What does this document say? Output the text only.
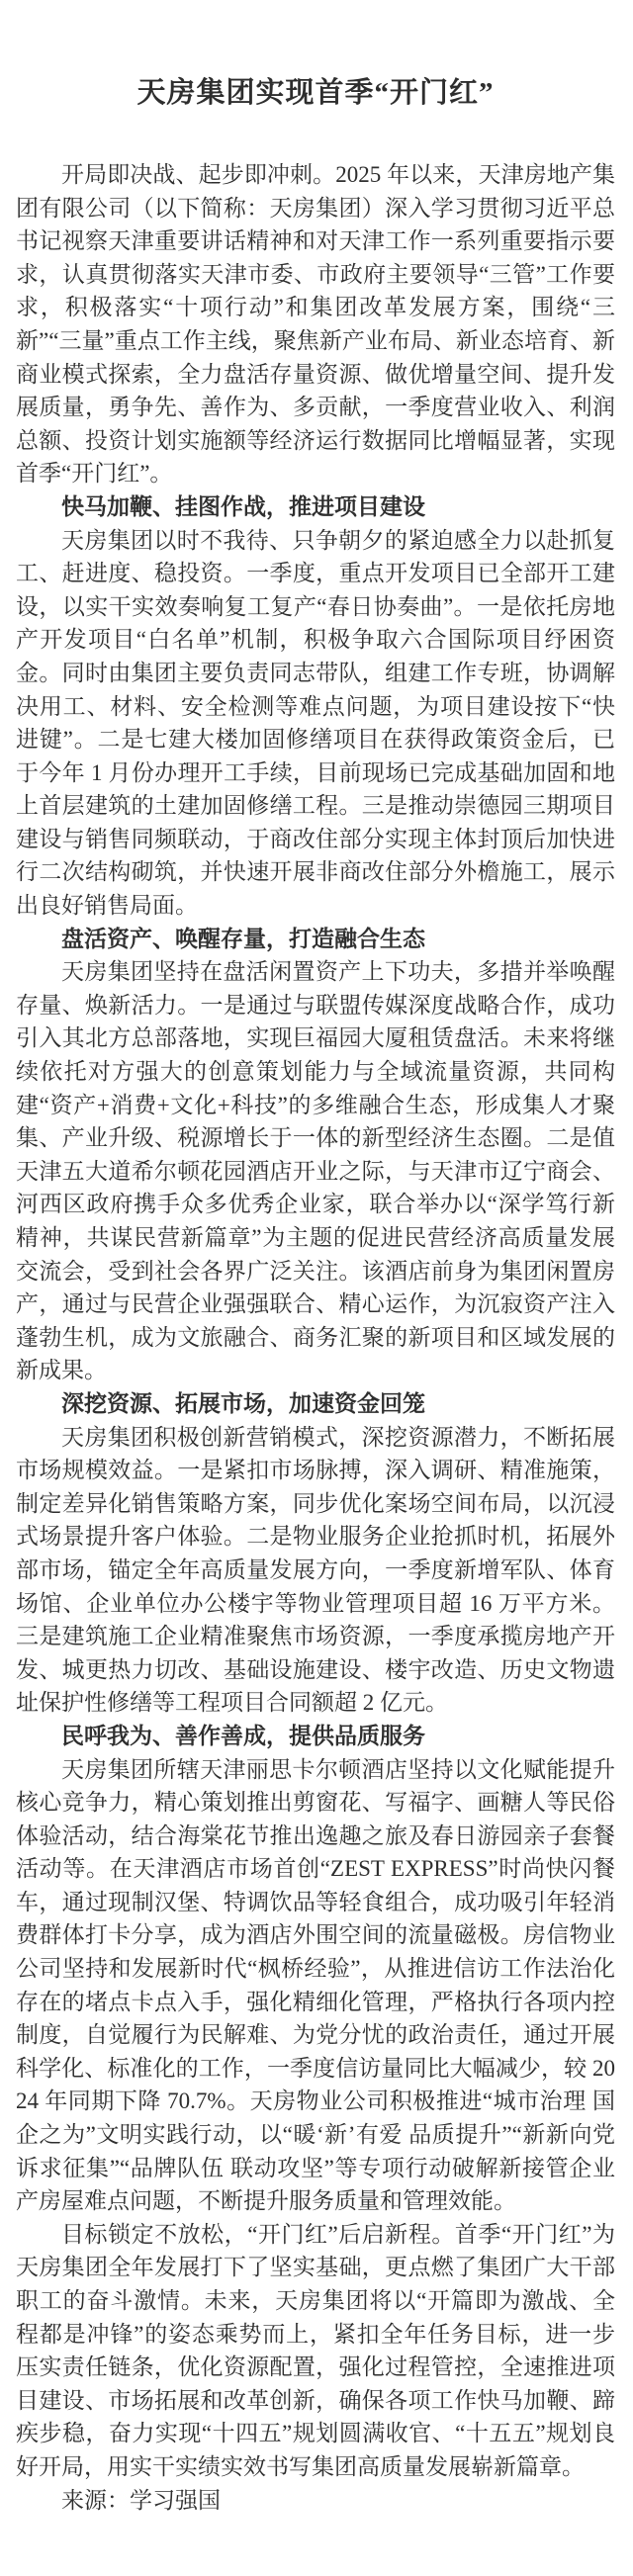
天房集团实现首季“开门红”

开局即决战、起步即冲刺。2025 年以来，天津房地产集团有限公司（以下简称：天房集团）深入学习贯彻习近平总书记视察天津重要讲话精神和对天津工作一系列重要指示要求，认真贯彻落实天津市委、市政府主要领导“三管”工作要求，积极落实“十项行动”和集团改革发展方案，围绕“三新”“三量”重点工作主线，聚焦新产业布局、新业态培育、新商业模式探索，全力盘活存量资源、做优增量空间、提升发展质量，勇争先、善作为、多贡献，一季度营业收入、利润总额、投资计划实施额等经济运行数据同比增幅显著，实现首季“开门红”。

快马加鞭、挂图作战，推进项目建设

天房集团以时不我待、只争朝夕的紧迫感全力以赴抓复工、赶进度、稳投资。一季度，重点开发项目已全部开工建设，以实干实效奏响复工复产“春日协奏曲”。一是依托房地产开发项目“白名单”机制，积极争取六合国际项目纾困资金。同时由集团主要负责同志带队，组建工作专班，协调解决用工、材料、安全检测等难点问题，为项目建设按下“快进键”。二是七建大楼加固修缮项目在获得政策资金后，已于今年 1 月份办理开工手续，目前现场已完成基础加固和地上首层建筑的土建加固修缮工程。三是推动崇德园三期项目建设与销售同频联动，于商改住部分实现主体封顶后加快进行二次结构砌筑，并快速开展非商改住部分外檐施工，展示出良好销售局面。

盘活资产、唤醒存量，打造融合生态

天房集团坚持在盘活闲置资产上下功夫，多措并举唤醒存量、焕新活力。一是通过与联盟传媒深度战略合作，成功引入其北方总部落地，实现巨福园大厦租赁盘活。未来将继续依托对方强大的创意策划能力与全域流量资源，共同构建“资产+消费+文化+科技”的多维融合生态，形成集人才聚集、产业升级、税源增长于一体的新型经济生态圈。二是值天津五大道希尔顿花园酒店开业之际，与天津市辽宁商会、河西区政府携手众多优秀企业家，联合举办以“深学笃行新精神，共谋民营新篇章”为主题的促进民营经济高质量发展交流会，受到社会各界广泛关注。该酒店前身为集团闲置房产，通过与民营企业强强联合、精心运作，为沉寂资产注入蓬勃生机，成为文旅融合、商务汇聚的新项目和区域发展的新成果。

深挖资源、拓展市场，加速资金回笼

天房集团积极创新营销模式，深挖资源潜力，不断拓展市场规模效益。一是紧扣市场脉搏，深入调研、精准施策，制定差异化销售策略方案，同步优化案场空间布局，以沉浸式场景提升客户体验。二是物业服务企业抢抓时机，拓展外部市场，锚定全年高质量发展方向，一季度新增军队、体育场馆、企业单位办公楼宇等物业管理项目超 16 万平方米。三是建筑施工企业精准聚焦市场资源，一季度承揽房地产开发、城更热力切改、基础设施建设、楼宇改造、历史文物遗址保护性修缮等工程项目合同额超 2 亿元。

民呼我为、善作善成，提供品质服务

天房集团所辖天津丽思卡尔顿酒店坚持以文化赋能提升核心竞争力，精心策划推出剪窗花、写福字、画糖人等民俗体验活动，结合海棠花节推出逸趣之旅及春日游园亲子套餐活动等。在天津酒店市场首创“ZEST EXPRESS”时尚快闪餐车，通过现制汉堡、特调饮品等轻食组合，成功吸引年轻消费群体打卡分享，成为酒店外围空间的流量磁极。房信物业公司坚持和发展新时代“枫桥经验”，从推进信访工作法治化存在的堵点卡点入手，强化精细化管理，严格执行各项内控制度，自觉履行为民解难、为党分忧的政治责任，通过开展科学化、标准化的工作，一季度信访量同比大幅减少，较 2024 年同期下降 70.7%。天房物业公司积极推进“城市治理 国企之为”文明实践行动，以“暖‘新’有爱 品质提升”“新新向党 诉求征集”“品牌队伍 联动攻坚”等专项行动破解新接管企业产房屋难点问题，不断提升服务质量和管理效能。

目标锁定不放松，“开门红”后启新程。首季“开门红”为天房集团全年发展打下了坚实基础，更点燃了集团广大干部职工的奋斗激情。未来，天房集团将以“开篇即为激战、全程都是冲锋”的姿态乘势而上，紧扣全年任务目标，进一步压实责任链条，优化资源配置，强化过程管控，全速推进项目建设、市场拓展和改革创新，确保各项工作快马加鞭、蹄疾步稳，奋力实现“十四五”规划圆满收官、“十五五”规划良好开局，用实干实绩实效书写集团高质量发展崭新篇章。

来源：学习强国
